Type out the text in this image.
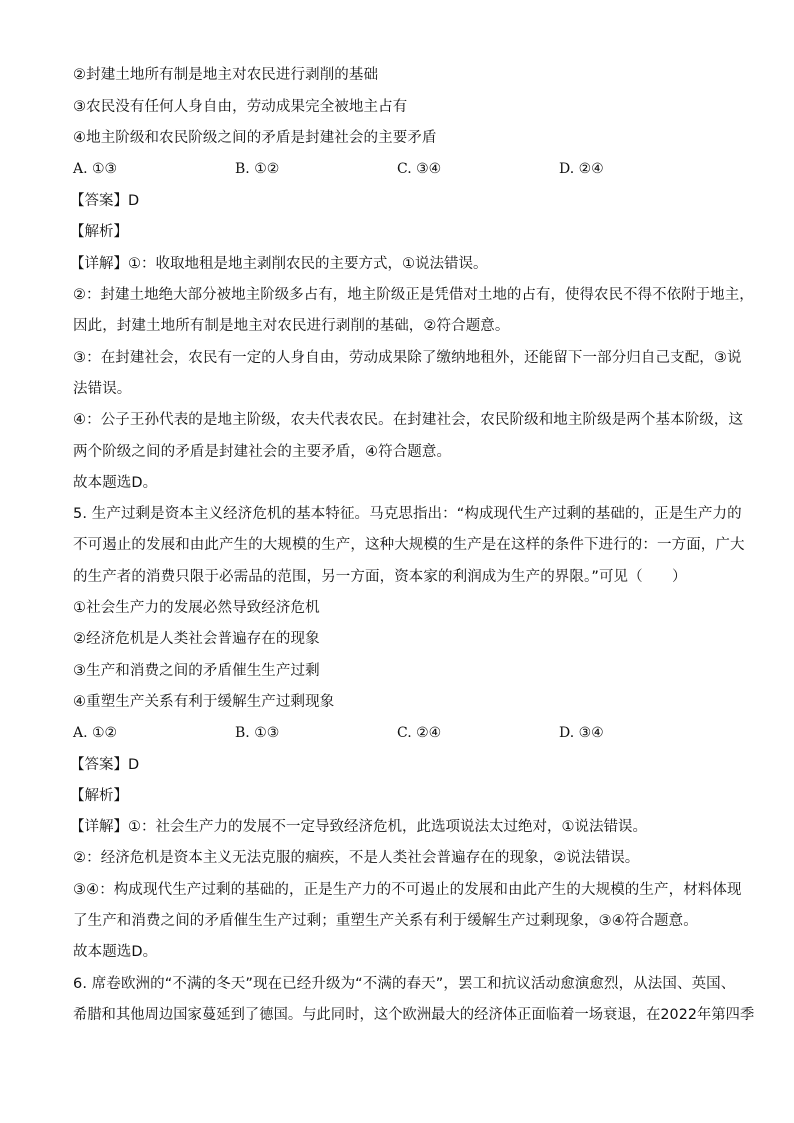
②封建土地所有制是地主对农民进行剥削的基础
③农民没有任何人身自由，劳动成果完全被地主占有
④地主阶级和农民阶级之间的矛盾是封建社会的主要矛盾
A. ①③	B. ①②	C. ③④	D. ②④
【答案】D
【解析】
【详解】①：收取地租是地主剥削农民的主要方式，①说法错误。
②：封建土地绝大部分被地主阶级多占有，地主阶级正是凭借对土地的占有，使得农民不得不依附于地主，
因此，封建土地所有制是地主对农民进行剥削的基础，②符合题意。
③：在封建社会，农民有一定的人身自由，劳动成果除了缴纳地租外，还能留下一部分归自己支配，③说
法错误。
④：公子王孙代表的是地主阶级，农夫代表农民。在封建社会，农民阶级和地主阶级是两个基本阶级，这
两个阶级之间的矛盾是封建社会的主要矛盾，④符合题意。
故本题选D。
5. 生产过剩是资本主义经济危机的基本特征。马克思指出：“构成现代生产过剩的基础的，正是生产力的
不可遏止的发展和由此产生的大规模的生产，这种大规模的生产是在这样的条件下进行的：一方面，广大
的生产者的消费只限于必需品的范围，另一方面，资本家的利润成为生产的界限。”可见（　　）
①社会生产力的发展必然导致经济危机
②经济危机是人类社会普遍存在的现象
③生产和消费之间的矛盾催生生产过剩
④重塑生产关系有利于缓解生产过剩现象
A. ①②	B. ①③	C. ②④	D. ③④
【答案】D
【解析】
【详解】①：社会生产力的发展不一定导致经济危机，此选项说法太过绝对，①说法错误。
②：经济危机是资本主义无法克服的痼疾，不是人类社会普遍存在的现象，②说法错误。
③④：构成现代生产过剩的基础的，正是生产力的不可遏止的发展和由此产生的大规模的生产，材料体现
了生产和消费之间的矛盾催生生产过剩；重塑生产关系有利于缓解生产过剩现象，③④符合题意。
故本题选D。
6. 席卷欧洲的“不满的冬天”现在已经升级为“不满的春天”，罢工和抗议活动愈演愈烈，从法国、英国、
希腊和其他周边国家蔓延到了德国。与此同时，这个欧洲最大的经济体正面临着一场衰退，在2022年第四季
